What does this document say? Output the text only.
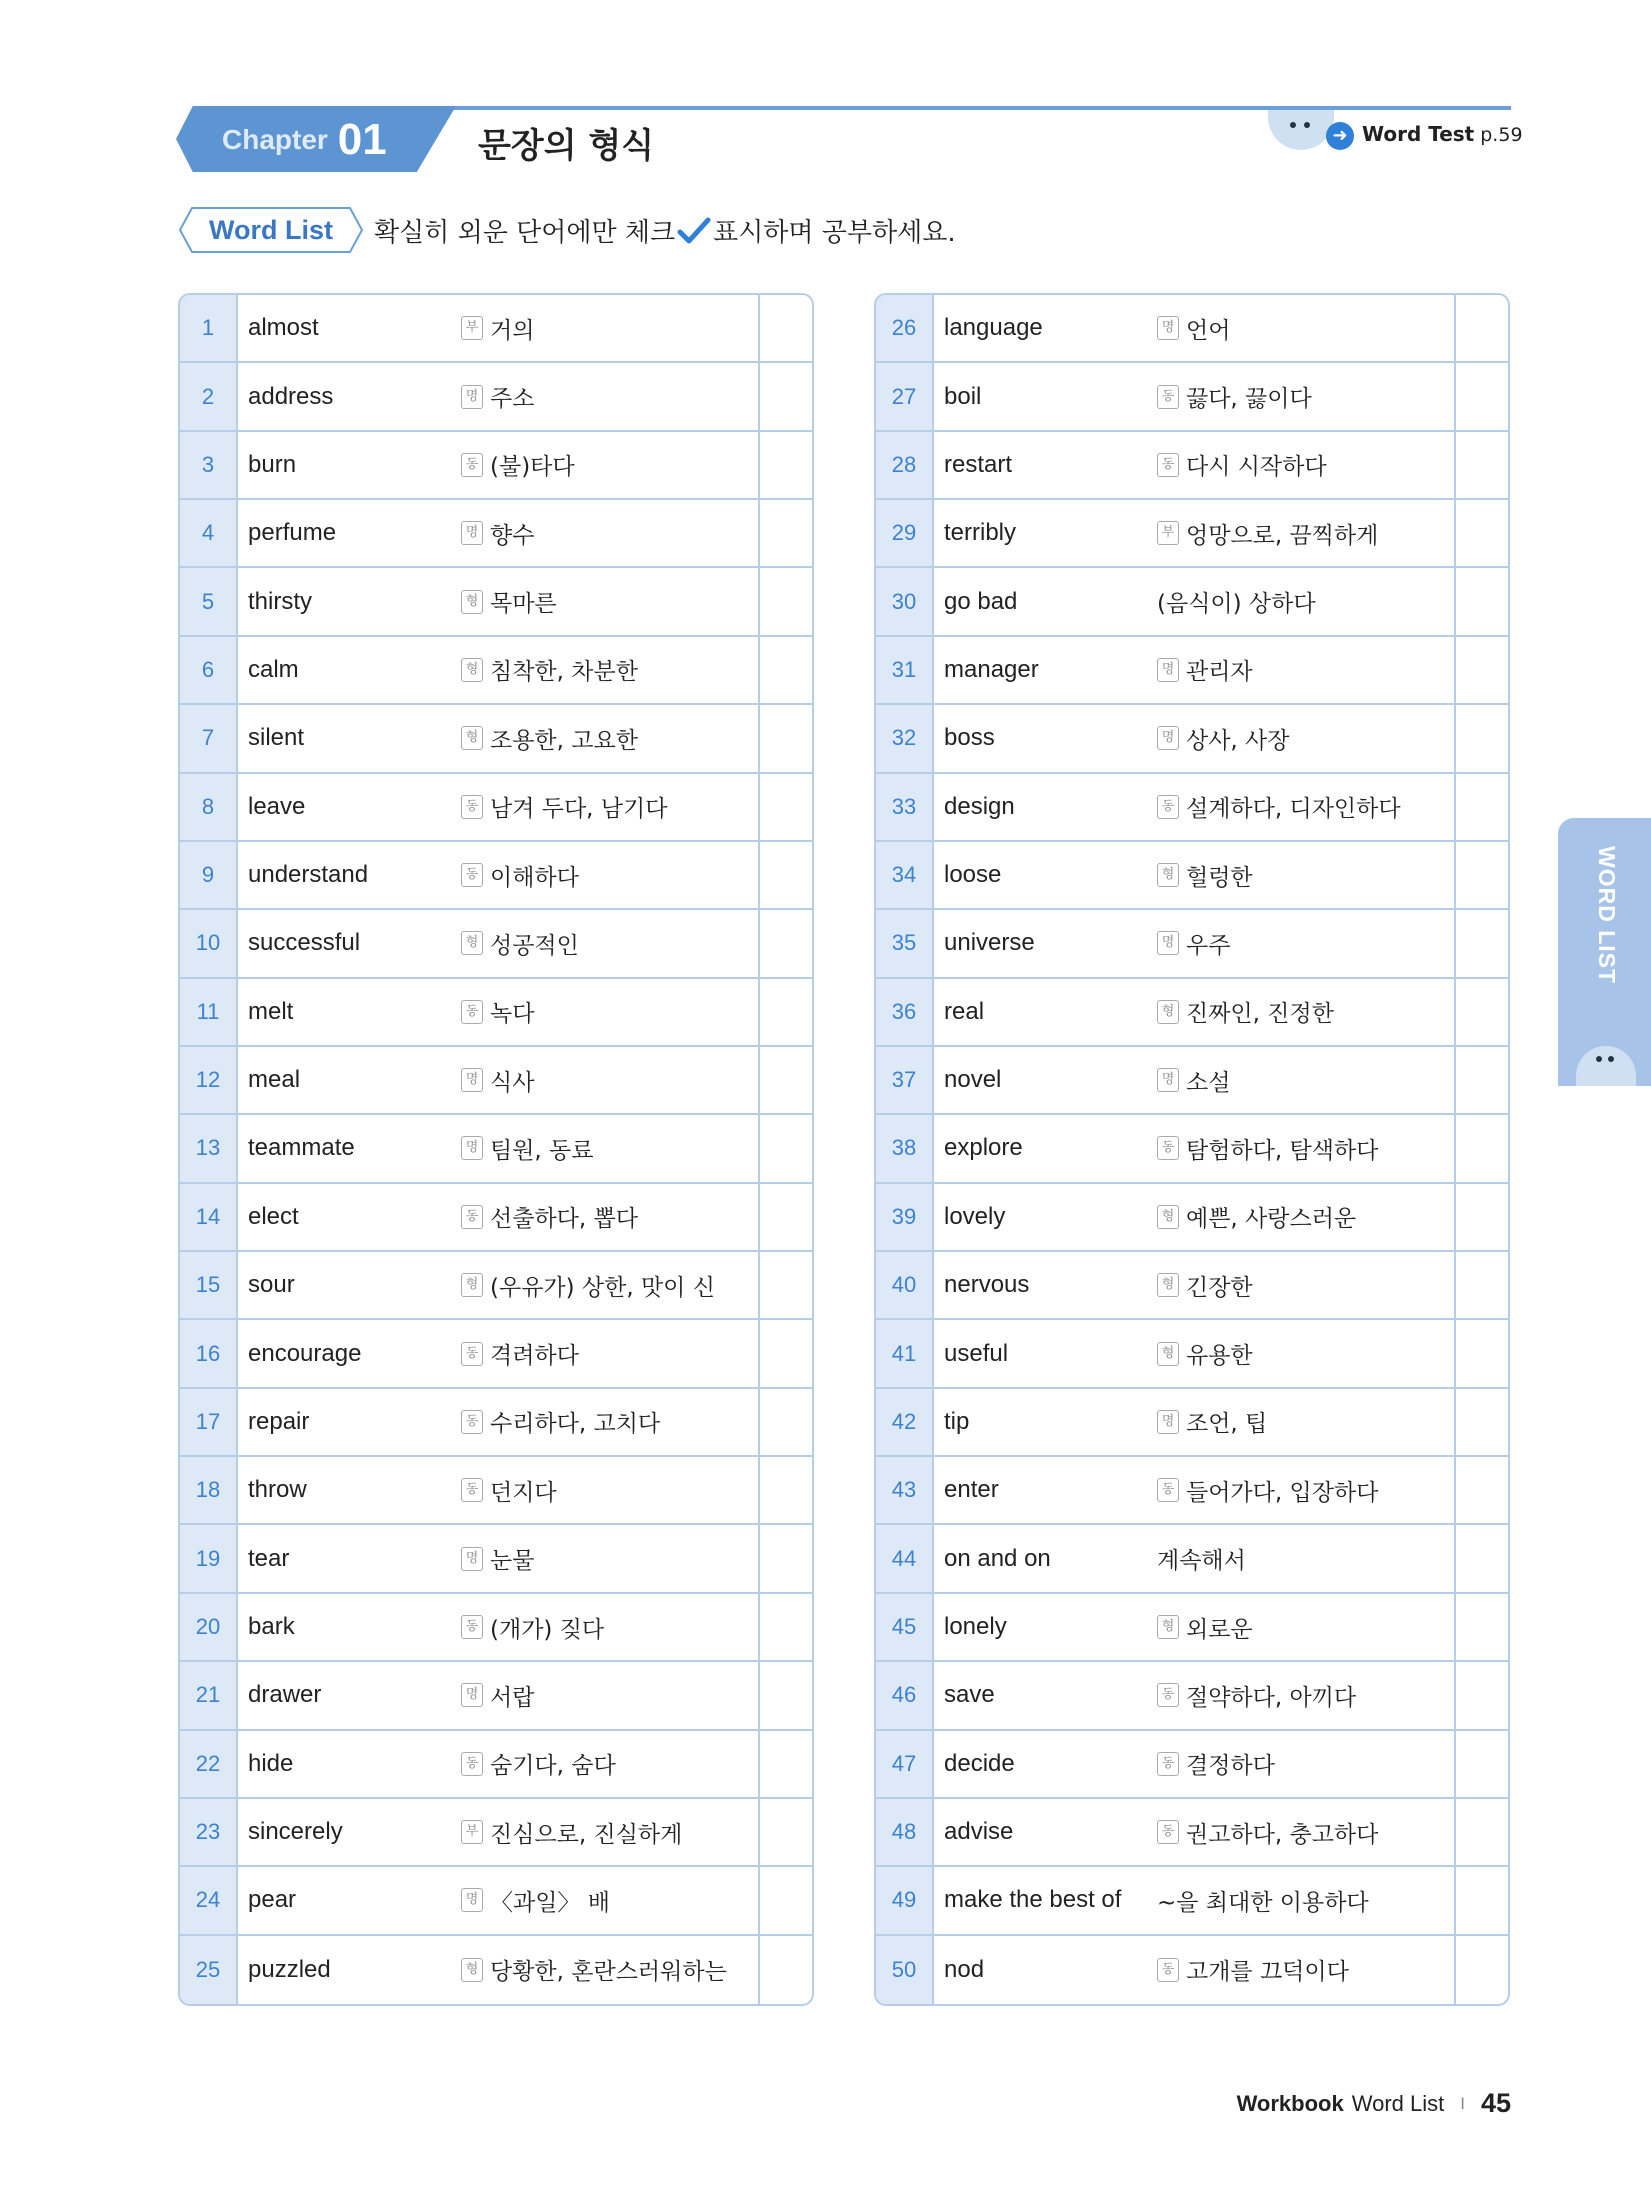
Chapter 01	문장의 형식	➜ Word Test p.59
Word List	확실히 외운 단어에만 체크 표시하며 공부하세요.
1	almost	부 거의
2	address	명 주소
3	burn	동 (불)타다
4	perfume	명 향수
5	thirsty	형 목마른
6	calm	형 침착한, 차분한
7	silent	형 조용한, 고요한
8	leave	동 남겨 두다, 남기다
9	understand	동 이해하다
10	successful	형 성공적인
11	melt	동 녹다
12	meal	명 식사
13	teammate	명 팀원, 동료
14	elect	동 선출하다, 뽑다
15	sour	형 (우유가) 상한, 맛이 신
16	encourage	동 격려하다
17	repair	동 수리하다, 고치다
18	throw	동 던지다
19	tear	명 눈물
20	bark	동 (개가) 짖다
21	drawer	명 서랍
22	hide	동 숨기다, 숨다
23	sincerely	부 진심으로, 진실하게
24	pear	명 〈과일〉 배
25	puzzled	형 당황한, 혼란스러워하는
26	language	명 언어
27	boil	동 끓다, 끓이다
28	restart	동 다시 시작하다
29	terribly	부 엉망으로, 끔찍하게
30	go bad	(음식이) 상하다
31	manager	명 관리자
32	boss	명 상사, 사장
33	design	동 설계하다, 디자인하다
34	loose	형 헐렁한
35	universe	명 우주
36	real	형 진짜인, 진정한
37	novel	명 소설
38	explore	동 탐험하다, 탐색하다
39	lovely	형 예쁜, 사랑스러운
40	nervous	형 긴장한
41	useful	형 유용한
42	tip	명 조언, 팁
43	enter	동 들어가다, 입장하다
44	on and on	계속해서
45	lonely	형 외로운
46	save	동 절약하다, 아끼다
47	decide	동 결정하다
48	advise	동 권고하다, 충고하다
49	make the best of ~을 최대한 이용하다
50	nod	동 고개를 끄덕이다
WORD LIST
Workbook Word List I 45
